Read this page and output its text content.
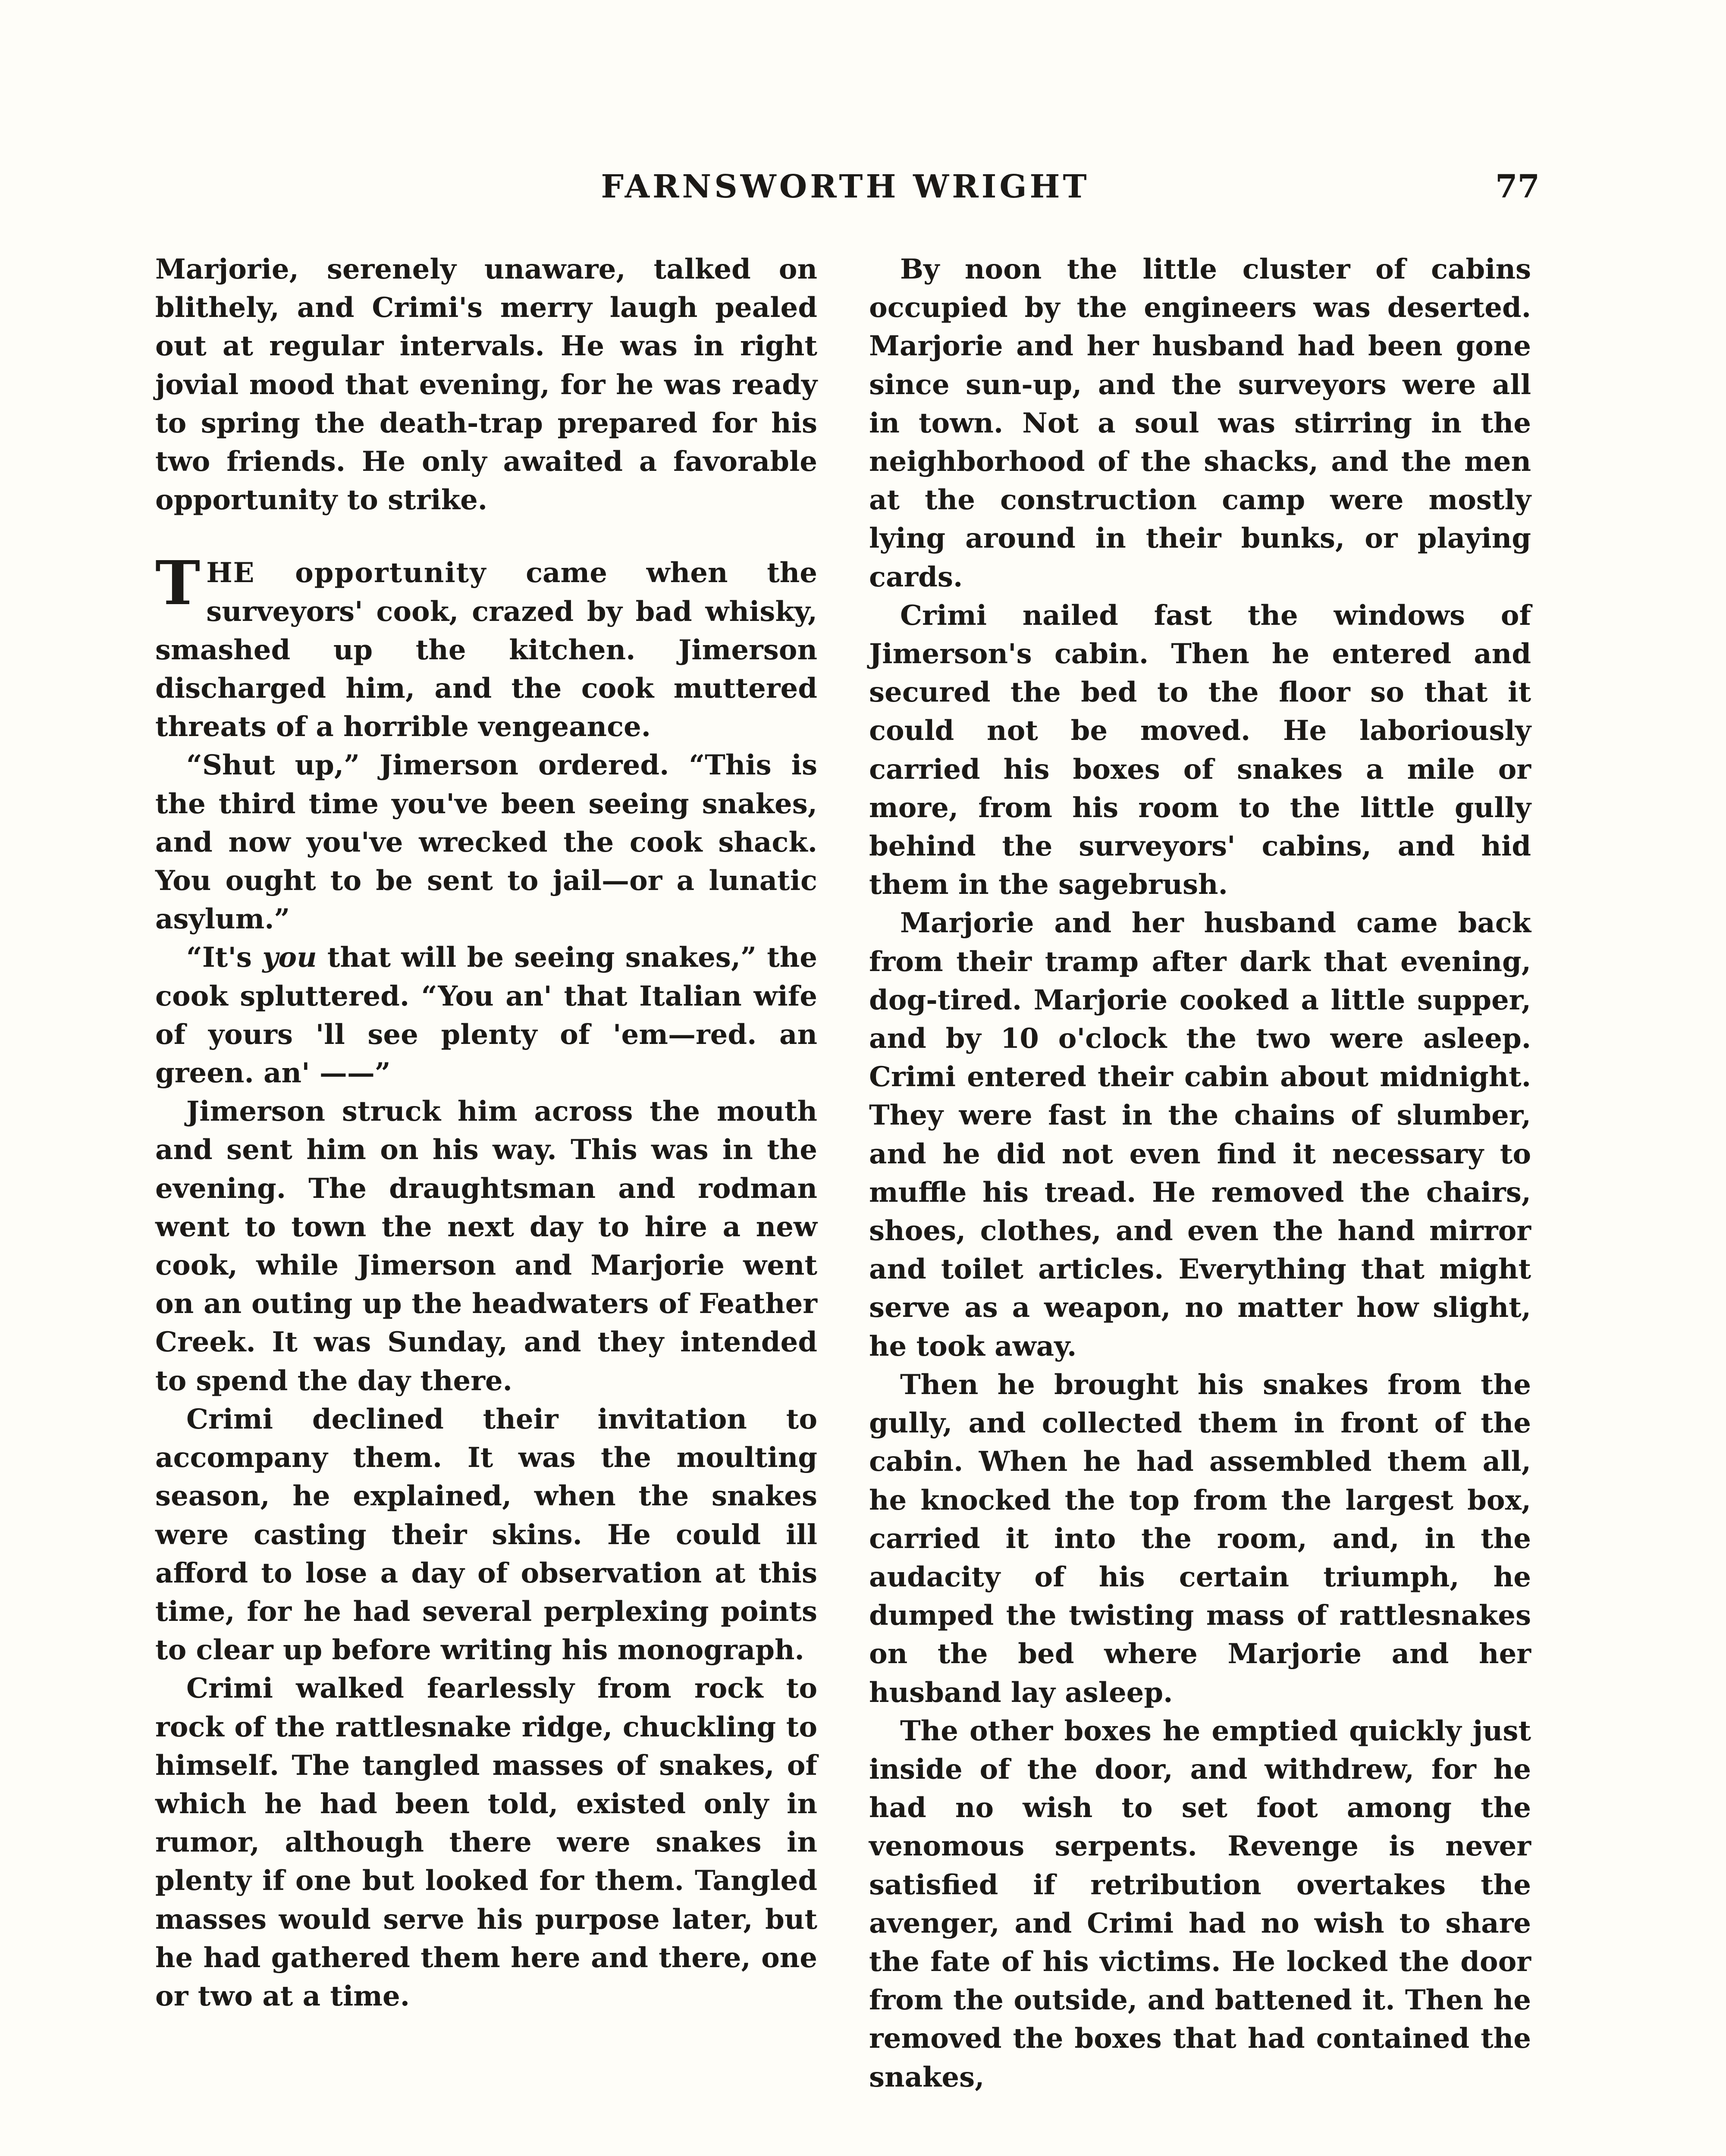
FARNSWORTH WRIGHT	77

Marjorie, serenely unaware, talked on blithely, and Crimi's merry laugh pealed out at regular intervals. He was in right jovial mood that evening, for he was ready to spring the death-trap prepared for his two friends. He only awaited a favorable opportunity to strike.

THE opportunity came when the surveyors' cook, crazed by bad whisky, smashed up the kitchen. Jimerson discharged him, and the cook muttered threats of a horrible vengeance.

“Shut up,” Jimerson ordered. “This is the third time you've been seeing snakes, and now you've wrecked the cook shack. You ought to be sent to jail—or a lunatic asylum.”

“It's you that will be seeing snakes,” the cook spluttered. “You an' that Italian wife of yours 'll see plenty of 'em—red. an green. an' ——”

Jimerson struck him across the mouth and sent him on his way. This was in the evening. The draughtsman and rodman went to town the next day to hire a new cook, while Jimerson and Marjorie went on an outing up the headwaters of Feather Creek. It was Sunday, and they intended to spend the day there.

Crimi declined their invitation to accompany them. It was the moulting season, he explained, when the snakes were casting their skins. He could ill afford to lose a day of observation at this time, for he had several perplexing points to clear up before writing his monograph.

Crimi walked fearlessly from rock to rock of the rattlesnake ridge, chuckling to himself. The tangled masses of snakes, of which he had been told, existed only in rumor, although there were snakes in plenty if one but looked for them. Tangled masses would serve his purpose later, but he had gathered them here and there, one or two at a time.

By noon the little cluster of cabins occupied by the engineers was deserted. Marjorie and her husband had been gone since sun-up, and the surveyors were all in town. Not a soul was stirring in the neighborhood of the shacks, and the men at the construction camp were mostly lying around in their bunks, or playing cards.

Crimi nailed fast the windows of Jimerson's cabin. Then he entered and secured the bed to the floor so that it could not be moved. He laboriously carried his boxes of snakes a mile or more, from his room to the little gully behind the surveyors' cabins, and hid them in the sagebrush.

Marjorie and her husband came back from their tramp after dark that evening, dog-tired. Marjorie cooked a little supper, and by 10 o'clock the two were asleep. Crimi entered their cabin about midnight. They were fast in the chains of slumber, and he did not even find it necessary to muffle his tread. He removed the chairs, shoes, clothes, and even the hand mirror and toilet articles. Everything that might serve as a weapon, no matter how slight, he took away.

Then he brought his snakes from the gully, and collected them in front of the cabin. When he had assembled them all, he knocked the top from the largest box, carried it into the room, and, in the audacity of his certain triumph, he dumped the twisting mass of rattlesnakes on the bed where Marjorie and her husband lay asleep.

The other boxes he emptied quickly just inside of the door, and withdrew, for he had no wish to set foot among the venomous serpents. Revenge is never satisfied if retribution overtakes the avenger, and Crimi had no wish to share the fate of his victims. He locked the door from the outside, and battened it. Then he removed the boxes that had contained the snakes,
